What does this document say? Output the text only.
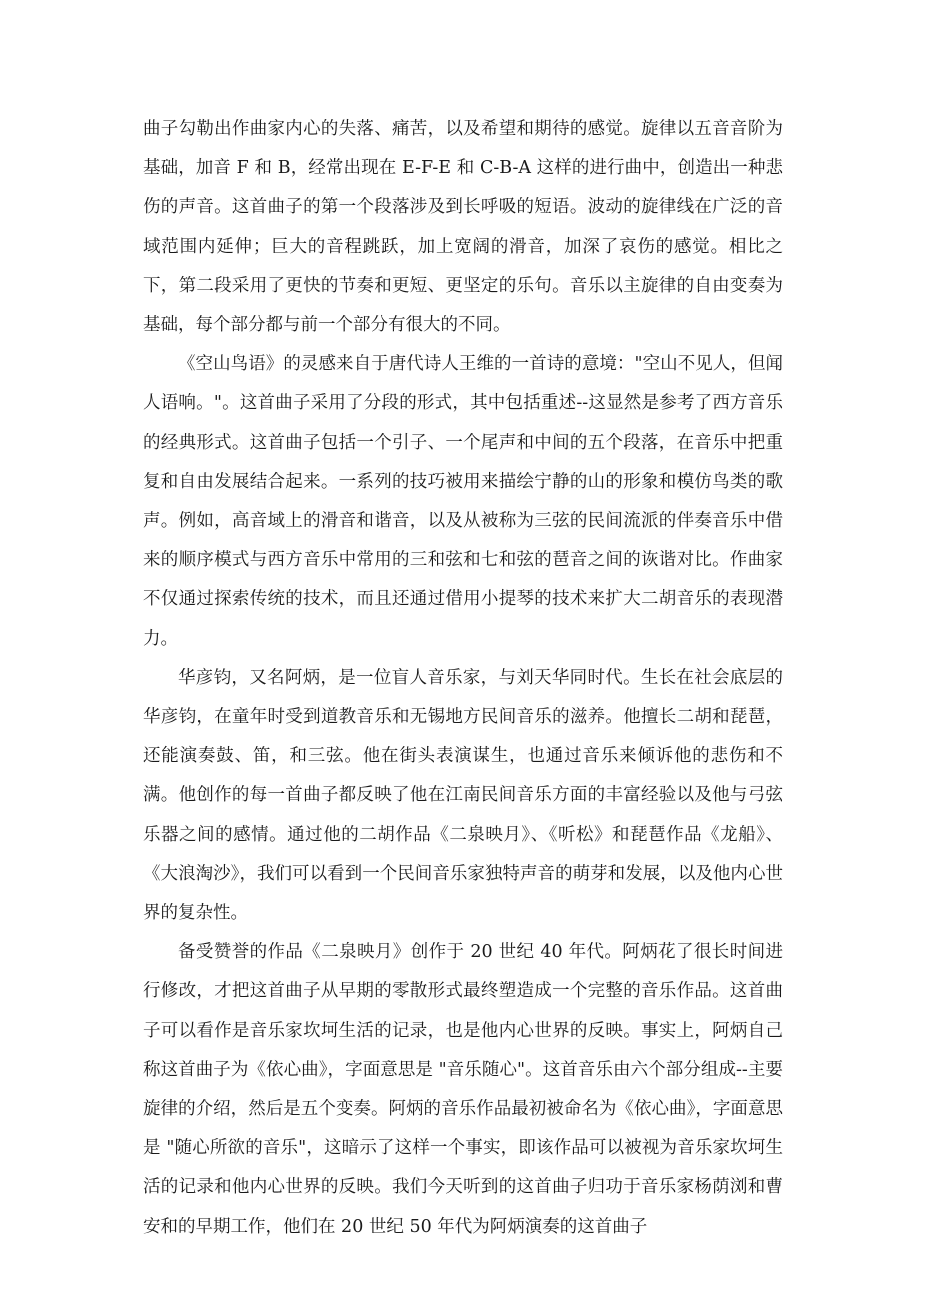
曲子勾勒出作曲家内心的失落、痛苦，以及希望和期待的感觉。旋律以五音音阶为基础，加音 F 和 B，经常出现在 E-F-E 和 C-B-A 这样的进行曲中，创造出一种悲伤的声音。这首曲子的第一个段落涉及到长呼吸的短语。波动的旋律线在广泛的音域范围内延伸；巨大的音程跳跃，加上宽阔的滑音，加深了哀伤的感觉。相比之下，第二段采用了更快的节奏和更短、更坚定的乐句。音乐以主旋律的自由变奏为基础，每个部分都与前一个部分有很大的不同。

《空山鸟语》的灵感来自于唐代诗人王维的一首诗的意境："空山不见人，但闻人语响。"。这首曲子采用了分段的形式，其中包括重述--这显然是参考了西方音乐的经典形式。这首曲子包括一个引子、一个尾声和中间的五个段落，在音乐中把重复和自由发展结合起来。一系列的技巧被用来描绘宁静的山的形象和模仿鸟类的歌声。例如，高音域上的滑音和谐音，以及从被称为三弦的民间流派的伴奏音乐中借来的顺序模式与西方音乐中常用的三和弦和七和弦的琶音之间的诙谐对比。作曲家不仅通过探索传统的技术，而且还通过借用小提琴的技术来扩大二胡音乐的表现潜力。

华彦钧，又名阿炳，是一位盲人音乐家，与刘天华同时代。生长在社会底层的华彦钧，在童年时受到道教音乐和无锡地方民间音乐的滋养。他擅长二胡和琵琶，还能演奏鼓、笛，和三弦。他在街头表演谋生，也通过音乐来倾诉他的悲伤和不满。他创作的每一首曲子都反映了他在江南民间音乐方面的丰富经验以及他与弓弦乐器之间的感情。通过他的二胡作品《二泉映月》、《听松》和琵琶作品《龙船》、《大浪淘沙》，我们可以看到一个民间音乐家独特声音的萌芽和发展，以及他内心世界的复杂性。

备受赞誉的作品《二泉映月》创作于 20 世纪 40 年代。阿炳花了很长时间进行修改，才把这首曲子从早期的零散形式最终塑造成一个完整的音乐作品。这首曲子可以看作是音乐家坎坷生活的记录，也是他内心世界的反映。事实上，阿炳自己称这首曲子为《依心曲》，字面意思是 "音乐随心"。这首音乐由六个部分组成--主要旋律的介绍，然后是五个变奏。阿炳的音乐作品最初被命名为《依心曲》，字面意思是 "随心所欲的音乐"，这暗示了这样一个事实，即该作品可以被视为音乐家坎坷生活的记录和他内心世界的反映。我们今天听到的这首曲子归功于音乐家杨荫浏和曹安和的早期工作，他们在 20 世纪 50 年代为阿炳演奏的这首曲子
